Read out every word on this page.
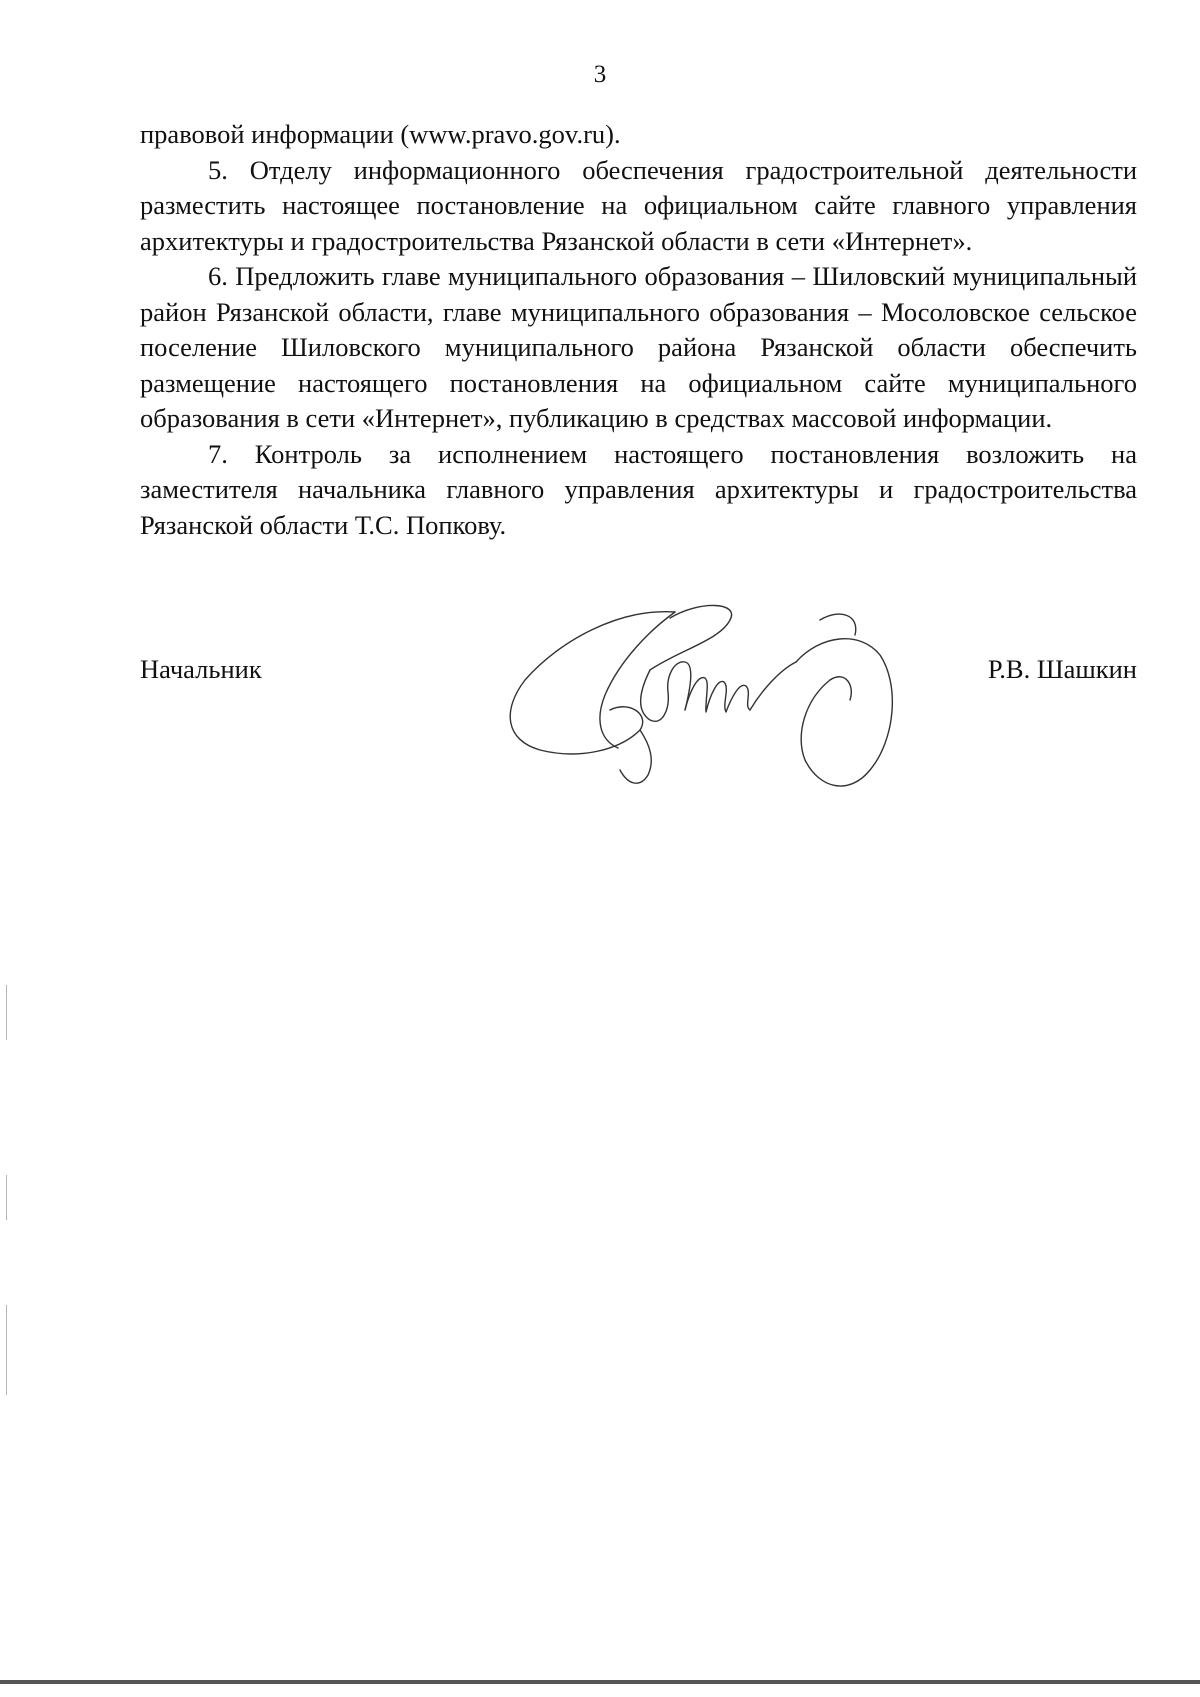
3

правовой информации (www.pravo.gov.ru).

5. Отделу информационного обеспечения градостроительной деятельности разместить настоящее постановление на официальном сайте главного управления архитектуры и градостроительства Рязанской области в сети «Интернет».

6. Предложить главе муниципального образования – Шиловский муниципальный район Рязанской области, главе муниципального образования – Мосоловское сельское поселение Шиловского муниципального района Рязанской области обеспечить размещение настоящего постановления на официальном сайте муниципального образования в сети «Интернет», публикацию в средствах массовой информации.

7. Контроль за исполнением настоящего постановления возложить на заместителя начальника главного управления архитектуры и градостроительства Рязанской области Т.С. Попкову.

Начальник	Р.В. Шашкин
